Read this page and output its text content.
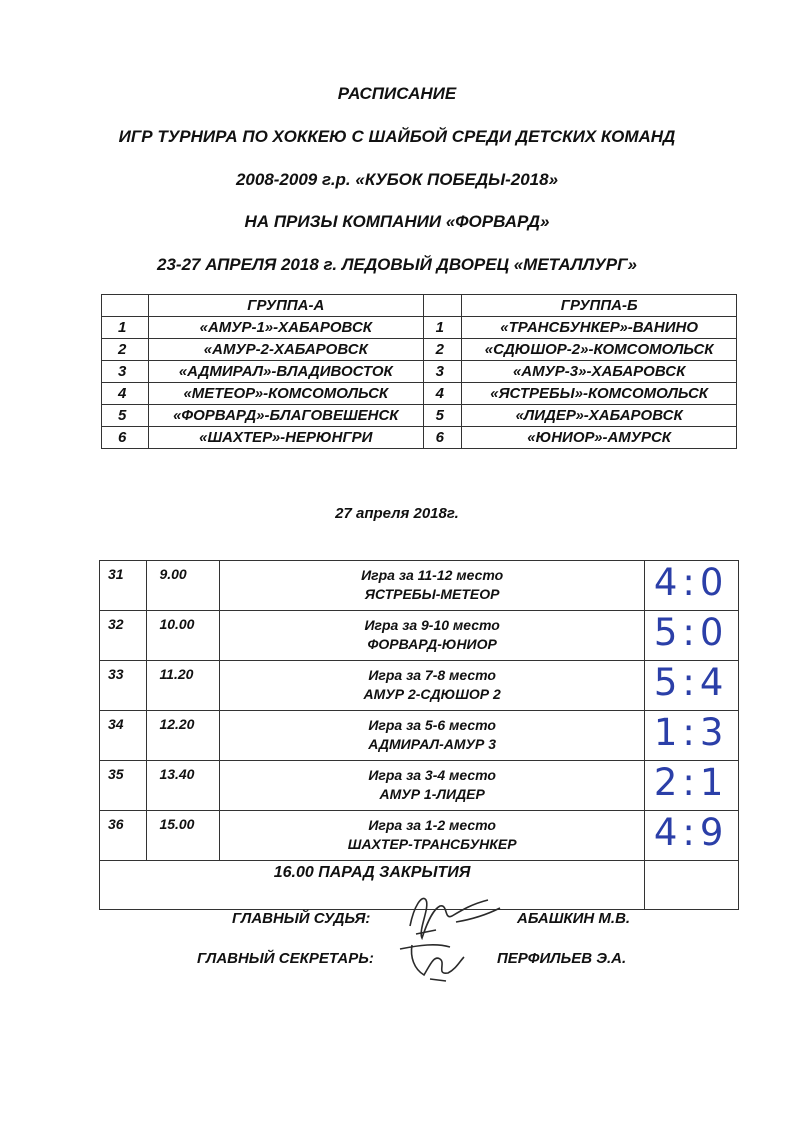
РАСПИСАНИЕ
ИГР ТУРНИРА ПО ХОККЕЮ С ШАЙБОЙ СРЕДИ ДЕТСКИХ КОМАНД
2008-2009 г.р. «КУБОК ПОБЕДЫ-2018»
НА ПРИЗЫ КОМПАНИИ «ФОРВАРД»
23-27 АПРЕЛЯ 2018 г. ЛЕДОВЫЙ ДВОРЕЦ «МЕТАЛЛУРГ»
	ГРУППА-А		ГРУППА-Б
1	«АМУР-1»-ХАБАРОВСК	1	«ТРАНСБУНКЕР»-ВАНИНО
2	«АМУР-2-ХАБАРОВСК	2	«СДЮШОР-2»-КОМСОМОЛЬСК
3	«АДМИРАЛ»-ВЛАДИВОСТОК	3	«АМУР-3»-ХАБАРОВСК
4	«МЕТЕОР»-КОМСОМОЛЬСК	4	«ЯСТРЕБЫ»-КОМСОМОЛЬСК
5	«ФОРВАРД»-БЛАГОВЕШЕНСК	5	«ЛИДЕР»-ХАБАРОВСК
6	«ШАХТЕР»-НЕРЮНГРИ	6	«ЮНИОР»-АМУРСК
27 апреля 2018г.
31	9.00	Игра за 11-12 место
ЯСТРЕБЫ-МЕТЕОР	4:0

32	10.00	Игра за 9-10 место
ФОРВАРД-ЮНИОР	5:0

33	11.20	Игра за 7-8 место
АМУР 2-СДЮШОР 2	5:4

34	12.20	Игра за 5-6 место
АДМИРАЛ-АМУР 3	1:3

35	13.40	Игра за 3-4 место
АМУР 1-ЛИДЕР	2:1

36	15.00	Игра за 1-2 место
ШАХТЕР-ТРАНСБУНКЕР	4:9

16.00 ПАРАД ЗАКРЫТИЯ			
ГЛАВНЫЙ СУДЬЯ:	АБАШКИН М.В.
ГЛАВНЫЙ СЕКРЕТАРЬ:	ПЕРФИЛЬЕВ Э.А.
